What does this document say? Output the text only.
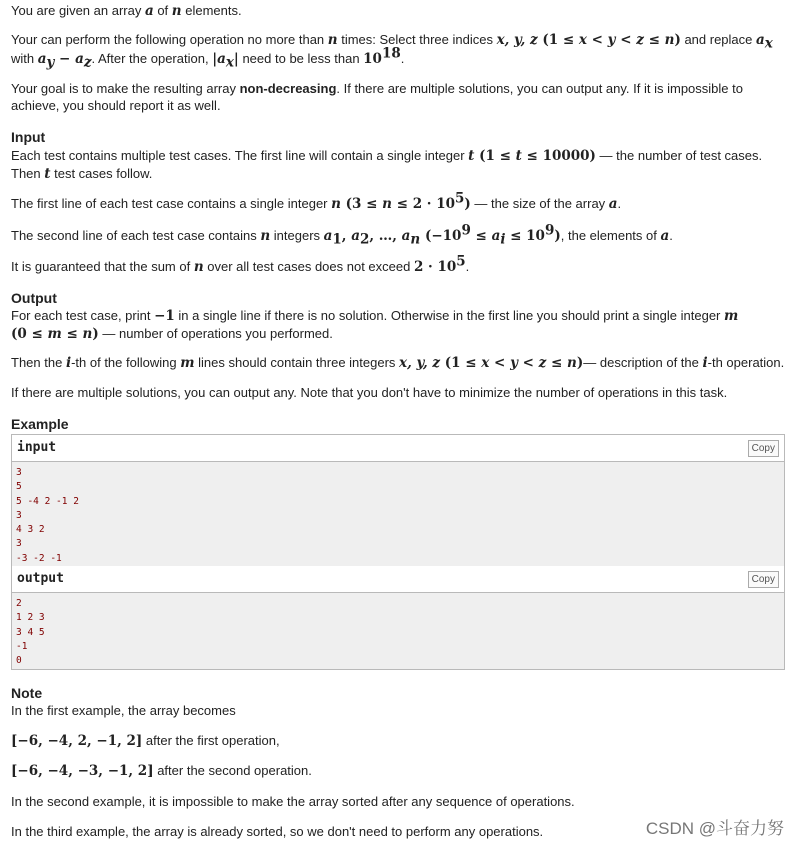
You are given an array a of n elements.

Your can perform the following operation no more than n times: Select three indices x, y, z (1 ≤ x < y < z ≤ n) and replace $a_x$

with $a_y - a_z$. After the operation, $|a_x|$ need to be less than $10^{18}$.

Your goal is to make the resulting array non-decreasing. If there are multiple solutions, you can output any. If it is impossible to achieve, you should report it as well.

Input

Each test contains multiple test cases. The first line will contain a single integer t (1 ≤ t ≤ 10000) — the number of test cases. Then t test cases follow.

The first line of each test case contains a single integer n $(3 \le n \le 2 \cdot 10^5)$ — the size of the array a.

The second line of each test case contains n integers $a_1$, $a_2$, …, $a_n$ $(-10^9 \le a_i \le 10^9)$, the elements of a.

It is guaranteed that the sum of n over all test cases does not exceed $2 \cdot 10^5$.

Output

For each test case, print −1 in a single line if there is no solution. Otherwise in the first line you should print a single integer m
(0 ≤ m ≤ n) — number of operations you performed.

Then the i-th of the following m lines should contain three integers x, y, z (1 ≤ x < y < z ≤ n)— description of the i-th operation.

If there are multiple solutions, you can output any. Note that you don't have to minimize the number of operations in this task.

Example

input	Copy
3
5
5 -4 2 -1 2
3
4 3 2
3
-3 -2 -1
output	Copy
2
1 2 3
3 4 5
-1
0

Note

In the first example, the array becomes

[−6, −4, 2, −1, 2] after the first operation,

[−6, −4, −3, −1, 2] after the second operation.

In the second example, it is impossible to make the array sorted after any sequence of operations.

In the third example, the array is already sorted, so we don't need to perform any operations.	CSDN @斗奋力努
